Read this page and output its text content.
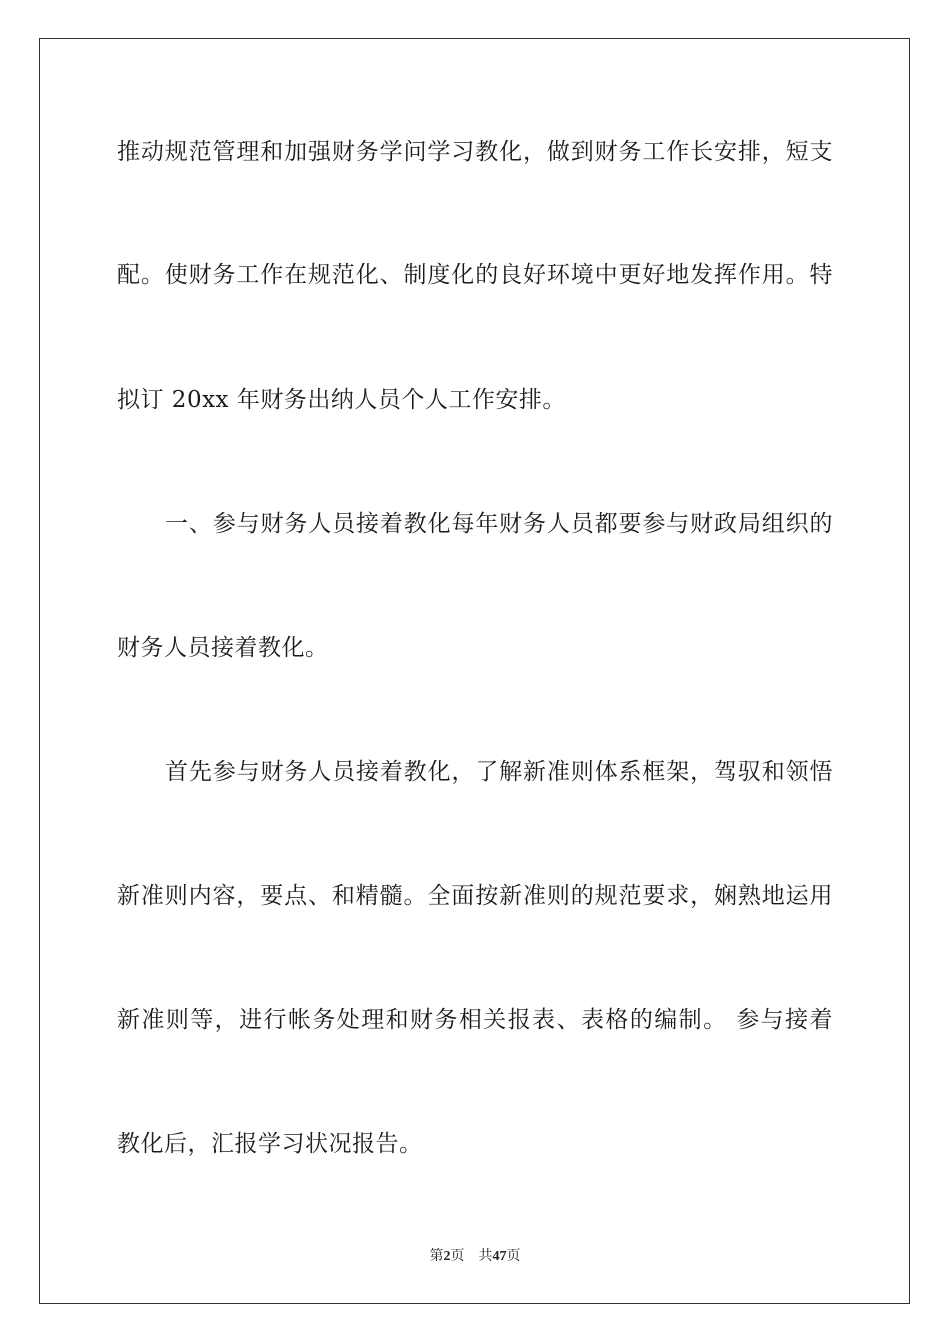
推动规范管理和加强财务学问学习教化，做到财务工作长安排，短支
配。使财务工作在规范化、制度化的良好环境中更好地发挥作用。特
拟订 20xx 年财务出纳人员个人工作安排。
一、参与财务人员接着教化每年财务人员都要参与财政局组织的
财务人员接着教化。
首先参与财务人员接着教化，了解新准则体系框架，驾驭和领悟
新准则内容，要点、和精髓。全面按新准则的规范要求，娴熟地运用
新准则等，进行帐务处理和财务相关报表、表格的编制。 参与接着
教化后，汇报学习状况报告。
第2页 共47页
